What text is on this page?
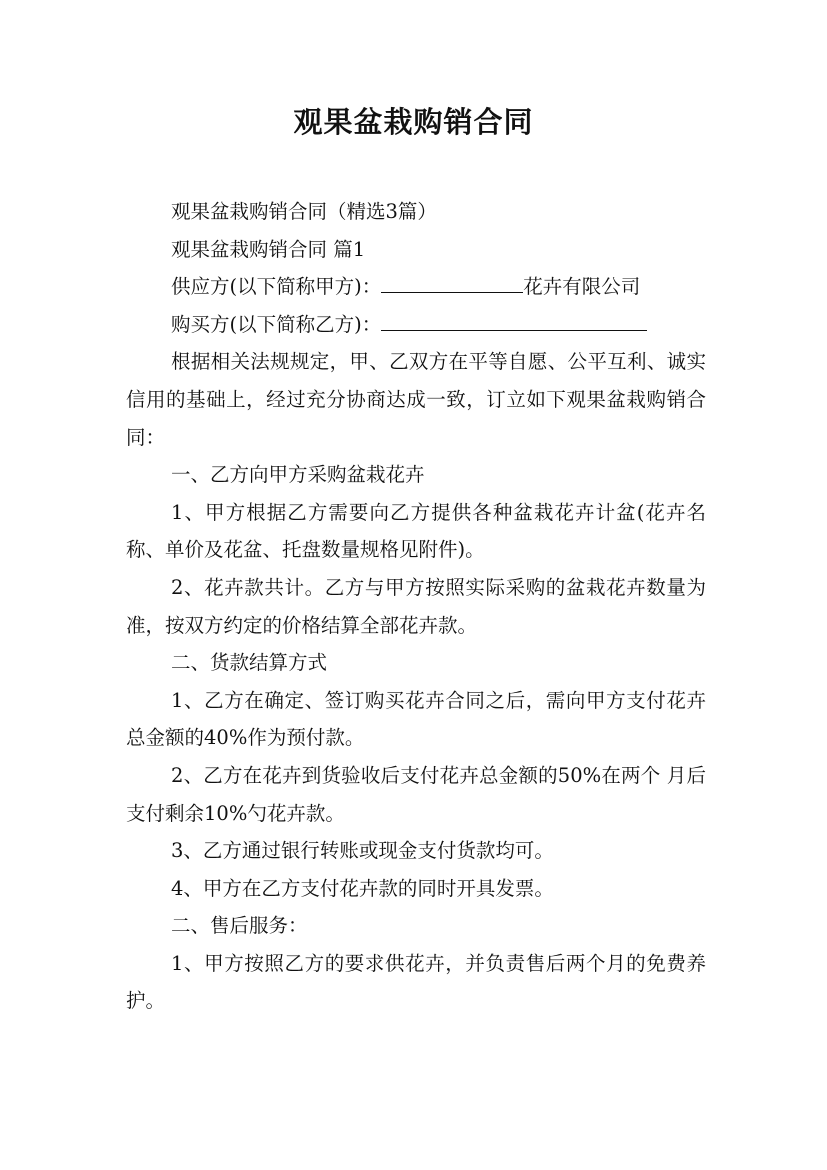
观果盆栽购销合同

观果盆栽购销合同（精选3篇）

观果盆栽购销合同 篇1

供应方(以下简称甲方)：	花卉有限公司

购买方(以下简称乙方)：

根据相关法规规定，甲、乙双方在平等自愿、公平互利、诚实信用的基础上，经过充分协商达成一致，订立如下观果盆栽购销合同：

一、乙方向甲方采购盆栽花卉

1、甲方根据乙方需要向乙方提供各种盆栽花卉计盆(花卉名称、单价及花盆、托盘数量规格见附件)。

2、花卉款共计。乙方与甲方按照实际采购的盆栽花卉数量为准，按双方约定的价格结算全部花卉款。

二、货款结算方式

1、乙方在确定、签订购买花卉合同之后，需向甲方支付花卉总金额的40%作为预付款。

2、乙方在花卉到货验收后支付花卉总金额的50%在两个 月后支付剩余10%勺花卉款。

3、乙方通过银行转账或现金支付货款均可。

4、甲方在乙方支付花卉款的同时开具发票。

二、售后服务：

1、甲方按照乙方的要求供花卉，并负责售后两个月的免费养护。
